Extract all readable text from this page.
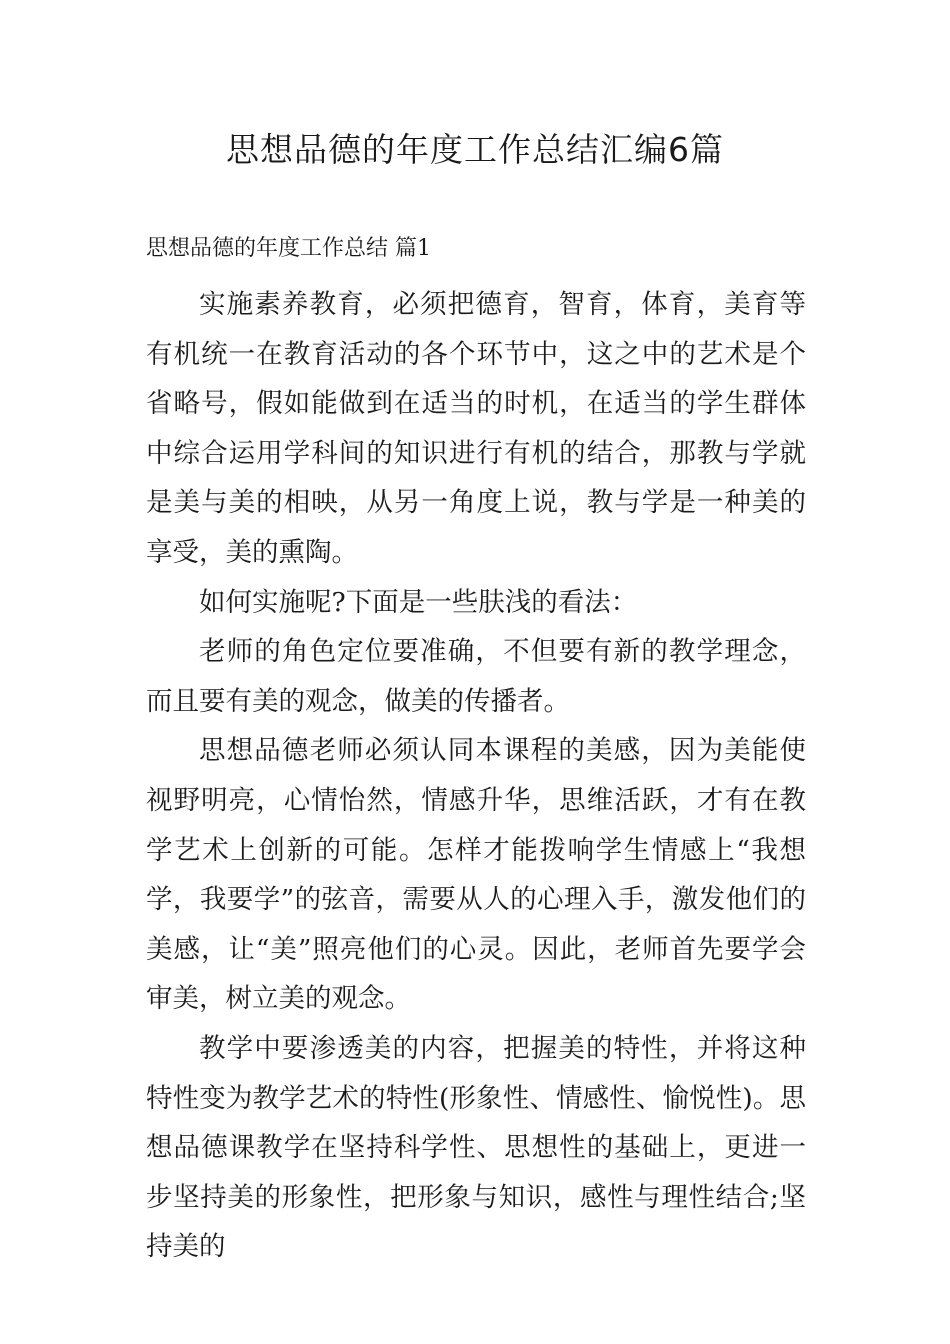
思想品德的年度工作总结汇编6篇
思想品德的年度工作总结 篇1

实施素养教育，必须把德育，智育，体育，美育等有机统一在教育活动的各个环节中，这之中的艺术是个省略号，假如能做到在适当的时机，在适当的学生群体中综合运用学科间的知识进行有机的结合，那教与学就是美与美的相映，从另一角度上说，教与学是一种美的享受，美的熏陶。

如何实施呢?下面是一些肤浅的看法：

老师的角色定位要准确，不但要有新的教学理念，而且要有美的观念，做美的传播者。

思想品德老师必须认同本课程的美感，因为美能使视野明亮，心情怡然，情感升华，思维活跃，才有在教学艺术上创新的可能。怎样才能拨响学生情感上“我想学，我要学”的弦音，需要从人的心理入手，激发他们的美感，让“美”照亮他们的心灵。因此，老师首先要学会审美，树立美的观念。

教学中要渗透美的内容，把握美的特性，并将这种特性变为教学艺术的特性(形象性、情感性、愉悦性)。思想品德课教学在坚持科学性、思想性的基础上，更进一步坚持美的形象性，把形象与知识，感性与理性结合;坚持美的
